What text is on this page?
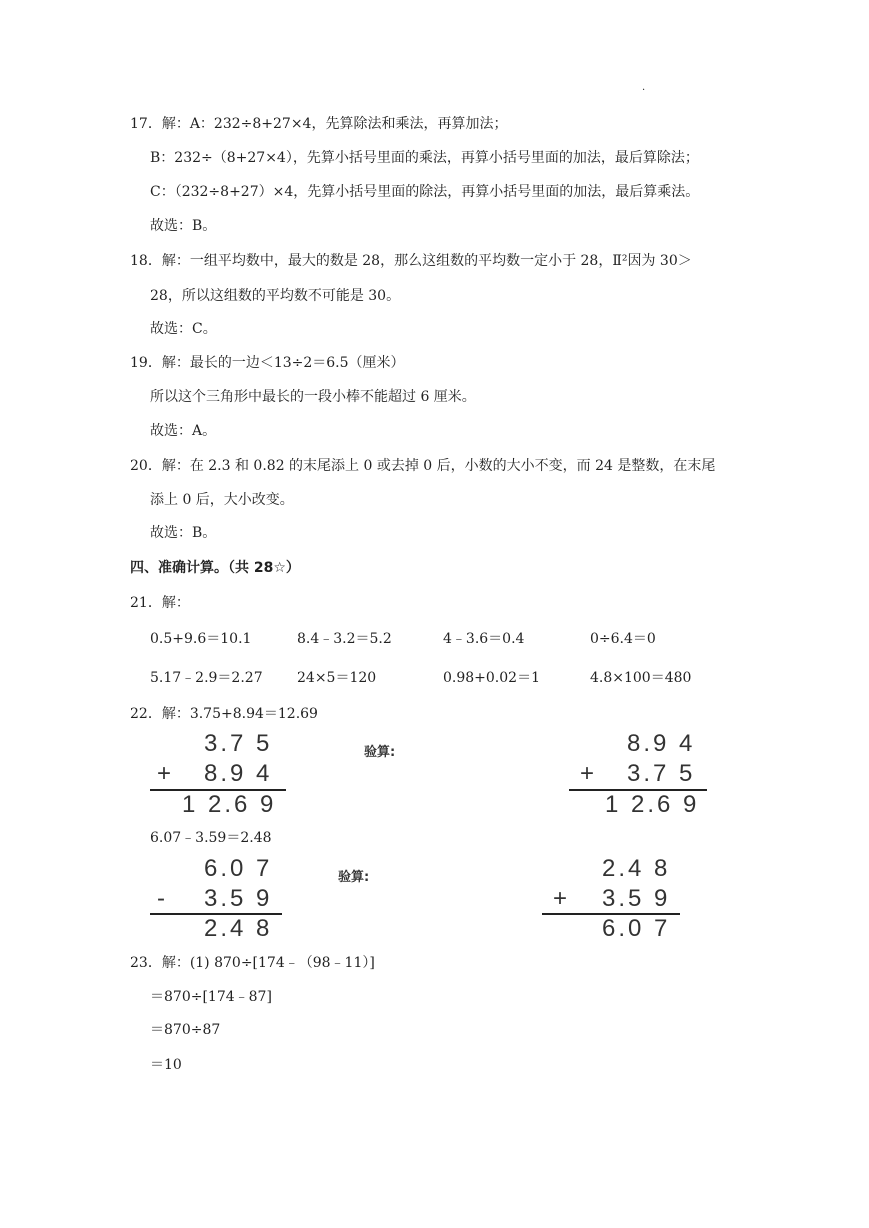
.
17．解：A：232÷8+27×4，先算除法和乘法，再算加法；
B：232÷（8+27×4），先算小括号里面的乘法，再算小括号里面的加法，最后算除法；
C：（232÷8+27）×4，先算小括号里面的除法，再算小括号里面的加法，最后算乘法。
故选：B。
18．解：一组平均数中，最大的数是 28，那么这组数的平均数一定小于 28，Ⅱ²因为 30＞
28，所以这组数的平均数不可能是 30。
故选：C。
19．解：最长的一边＜13÷2＝6.5（厘米）
所以这个三角形中最长的一段小棒不能超过 6 厘米。
故选：A。
20．解：在 2.3 和 0.82 的末尾添上 0 或去掉 0 后，小数的大小不变，而 24 是整数，在末尾
添上 0 后，大小改变。
故选：B。
四、准确计算。（共 28☆）
21．解：
0.5+9.6＝10.1	8.4﹣3.2＝5.2	4﹣3.6＝0.4	0÷6.4＝0
5.17﹣2.9＝2.27 24×5＝120	0.98+0.02＝1	4.8×100＝480
22．解：3.75+8.94＝12.69
3.7 5
+ 8.9 4
1 2.6 9
验算:	8.9 4
+ 3.7 5
1 2.6 9
6.07﹣3.59＝2.48
6.0 7
- 3.5 9
2.4 8
验算:	2.4 8
+ 3.5 9
6.0 7
23．解：(1) 870÷[174﹣（98﹣11）]
＝870÷[174﹣87]
＝870÷87
＝10
